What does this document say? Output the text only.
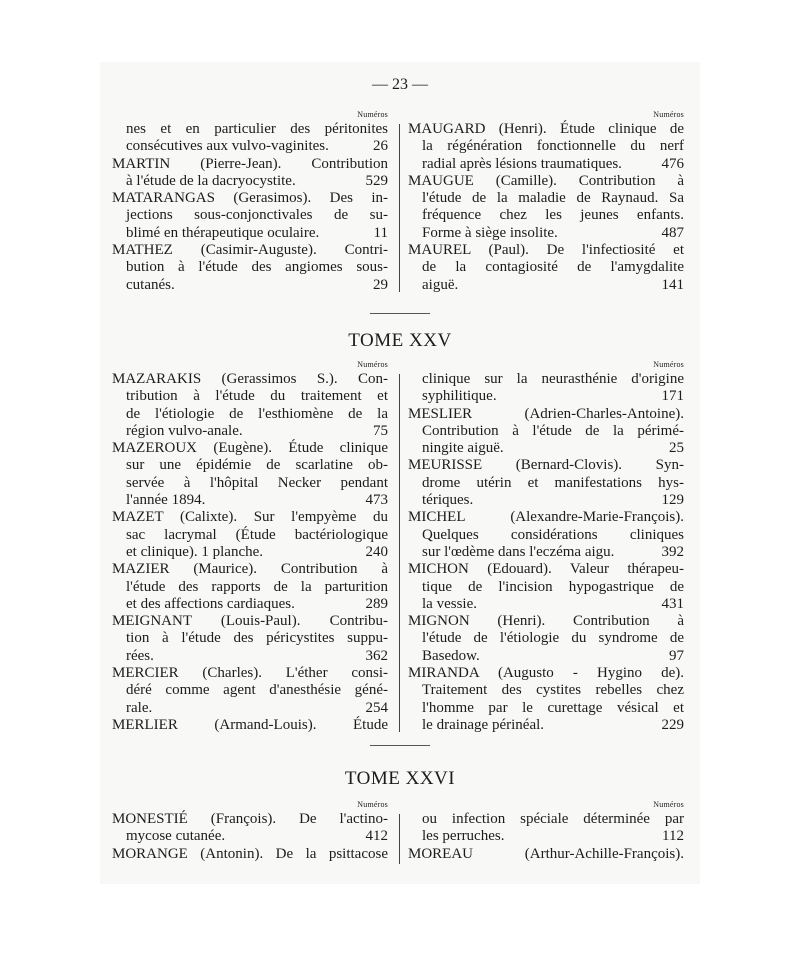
— 23 —
Numéros
nes et en particulier des péritonites
consécutives aux vulvo-vaginites.	26
MARTIN (Pierre-Jean). Contribution
à l'étude de la dacryocystite.	529
MATARANGAS (Gerasimos). Des in-
jections sous-conjonctivales de su-
blimé en thérapeutique oculaire.	11
MATHEZ (Casimir-Auguste). Contri-
bution à l'étude des angiomes sous-
cutanés.	29
Numéros
MAUGARD (Henri). Étude clinique de
la régénération fonctionnelle du nerf
radial après lésions traumatiques.	476
MAUGUE (Camille). Contribution à
l'étude de la maladie de Raynaud. Sa
fréquence chez les jeunes enfants.
Forme à siège insolite.	487
MAUREL (Paul). De l'infectiosité et
de la contagiosité de l'amygdalite
aiguë.	141
TOME XXV
Numéros
MAZARAKIS (Gerassimos S.). Con-
tribution à l'étude du traitement et
de l'étiologie de l'esthiomène de la
région vulvo-anale.	75
MAZEROUX (Eugène). Étude clinique
sur une épidémie de scarlatine ob-
servée à l'hôpital Necker pendant
l'année 1894.	473
MAZET (Calixte). Sur l'empyème du
sac lacrymal (Étude bactériologique
et clinique). 1 planche.	240
MAZIER (Maurice). Contribution à
l'étude des rapports de la parturition
et des affections cardiaques.	289
MEIGNANT (Louis-Paul). Contribu-
tion à l'étude des péricystites suppu-
rées.	362
MERCIER (Charles). L'éther consi-
déré comme agent d'anesthésie géné-
rale.	254
MERLIER (Armand-Louis). Étude
Numéros
clinique sur la neurasthénie d'origine
syphilitique.	171
MESLIER (Adrien-Charles-Antoine).
Contribution à l'étude de la périmé-
ningite aiguë.	25
MEURISSE (Bernard-Clovis). Syn-
drome utérin et manifestations hys-
tériques.	129
MICHEL (Alexandre-Marie-François).
Quelques considérations cliniques
sur l'œdème dans l'eczéma aigu.	392
MICHON (Edouard). Valeur thérapeu-
tique de l'incision hypogastrique de
la vessie.	431
MIGNON (Henri). Contribution à
l'étude de l'étiologie du syndrome de
Basedow.	97
MIRANDA (Augusto - Hygino de).
Traitement des cystites rebelles chez
l'homme par le curettage vésical et
le drainage périnéal.	229
TOME XXVI
Numéros
MONESTIÉ (François). De l'actino-
mycose cutanée.	412
MORANGE (Antonin). De la psittacose
Numéros
ou infection spéciale déterminée par
les perruches.	112
MOREAU (Arthur-Achille-François).
